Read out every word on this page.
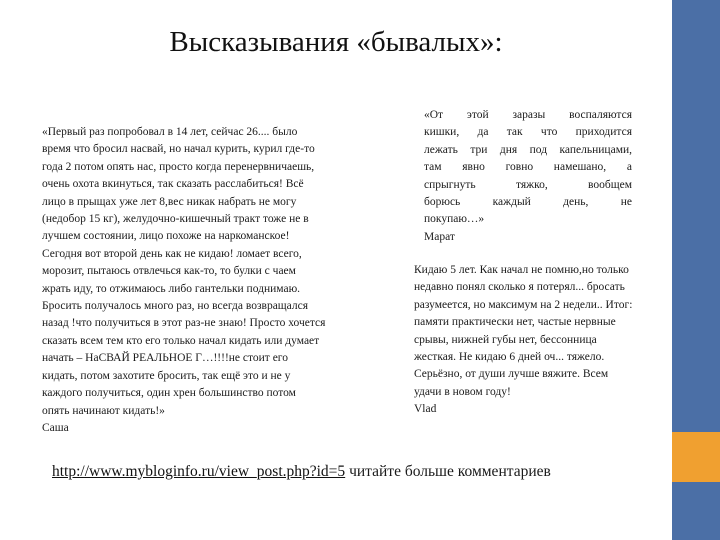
Высказывания «бывалых»:
«Первый раз попробовал в 14 лет, сейчас 26.... было
время что бросил насвай, но начал курить, курил где-то
года 2 потом опять нас, просто когда перенервничаешь,
очень охота вкинуться, так сказать расслабиться! Всё
лицо в прыщах уже лет 8,вес никак набрать не могу
(недобор 15 кг), желудочно-кишечный тракт тоже не в
лучшем состоянии, лицо похоже на наркоманское!
Сегодня вот второй день как не кидаю! ломает всего,
морозит, пытаюсь отвлечься как-то, то булки с чаем
жрать иду, то отжимаюсь либо гантельки поднимаю.
Бросить получалось много раз, но всегда возвращался
назад !что получиться в этот раз-не знаю! Просто хочется
сказать всем тем кто его только начал кидать или думает
начать – НаСВАЙ РЕАЛЬНОЕ Г…!!!!не стоит его
кидать, потом захотите бросить, так ещё это и не у
каждого получиться, один хрен большинство потом
опять начинают кидать!»
Саша
«От этой заразы воспаляются
кишки, да так что приходится
лежать три дня под капельницами,
там явно говно намешано, а
спрыгнуть тяжко, вообщем
борюсь каждый день, не
покупаю…»
Марат
Кидаю 5 лет. Как начал не помню,но только
недавно понял сколько я потерял... бросать
разумеется, но максимум на 2 недели.. Итог:
памяти практически нет, частые нервные
срывы, нижней губы нет, бессонница
жесткая. Не кидаю 6 дней оч... тяжело.
Серьёзно, от души лучше вяжите. Всем
удачи в новом году!
Vlad
http://www.mybloginfo.ru/view_post.php?id=5 читайте больше комментариев
